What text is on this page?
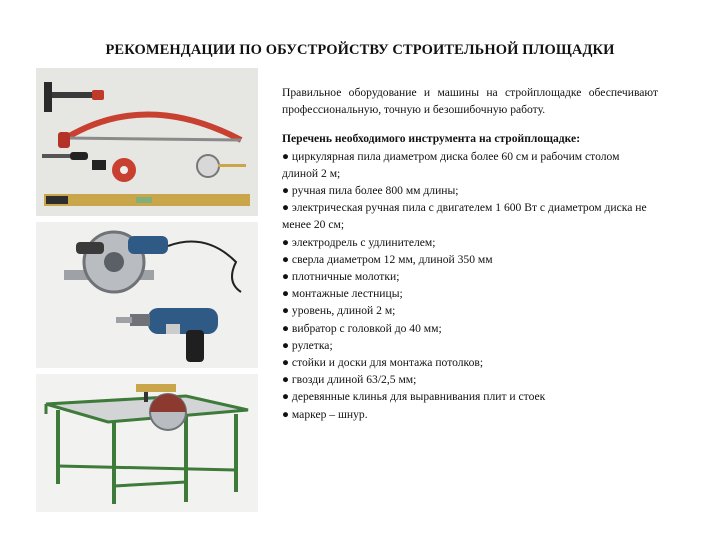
РЕКОМЕНДАЦИИ ПО ОБУСТРОЙСТВУ СТРОИТЕЛЬНОЙ ПЛОЩАДКИ

Правильное оборудование и машины на стройплощадке обеспечивают профессиональную, точную и безошибочную работу.

Перечень необходимого инструмента на стройплощадке:

● циркулярная пила диаметром диска более 60 см и рабочим столом длиной 2 м;
● ручная пила более 800 мм длины;
● электрическая ручная пила с двигателем 1 600 Вт с диаметром диска не менее 20 см;
● электродрель с удлинителем;
● сверла диаметром 12 мм, длиной 350 мм
● плотничные молотки;
● монтажные лестницы;
● уровень, длиной 2 м;
● вибратор с головкой до 40 мм;
● рулетка;
● стойки и доски для монтажа потолков;
● гвозди длиной 63/2,5 мм;
● деревянные клинья для выравнивания плит и стоек
● маркер – шнур.
